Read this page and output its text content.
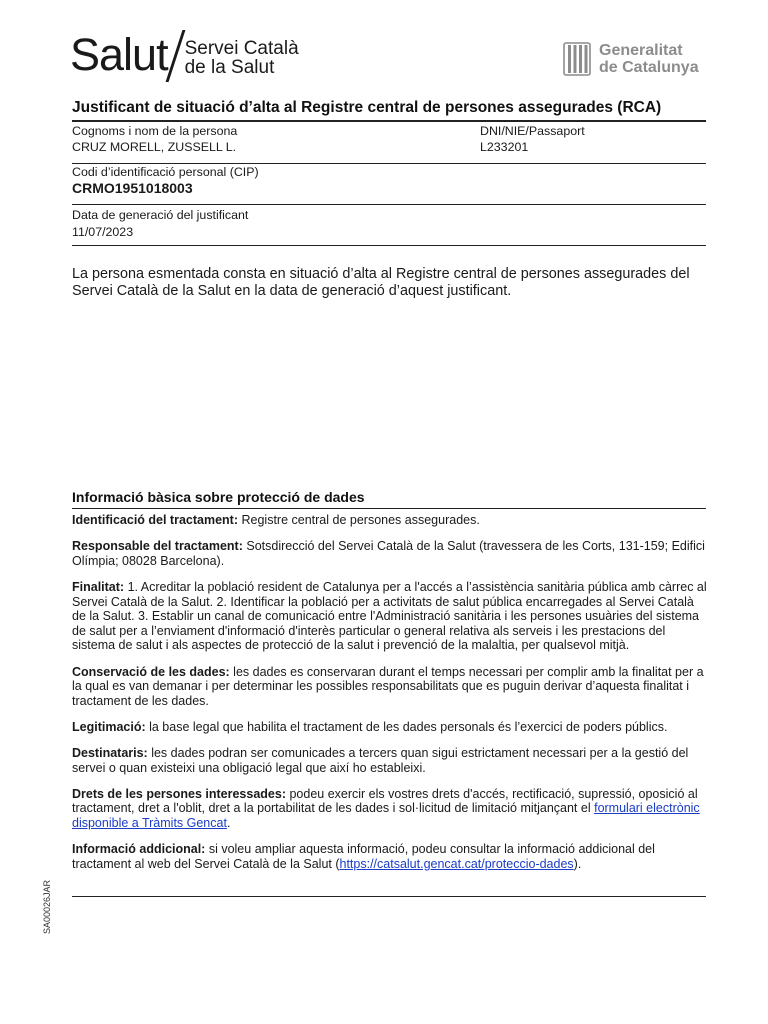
Salut Servei Català
de la Salut
Generalitat
de Catalunya
Justificant de situació d’alta al Registre central de persones assegurades (RCA)
Cognoms i nom de la persona	DNI/NIE/Passaport
CRUZ MORELL, ZUSSELL L.	L233201
Codi d’identificació personal (CIP)
CRMO1951018003
Data de generació del justificant
11/07/2023
La persona esmentada consta en situació d’alta al Registre central de persones assegurades del Servei Català de la Salut en la data de generació d’aquest justificant.
Informació bàsica sobre protecció de dades

Identificació del tractament: Registre central de persones assegurades.

Responsable del tractament: Sotsdirecció del Servei Català de la Salut (travessera de les Corts, 131-159; Edifici Olímpia; 08028 Barcelona).

Finalitat: 1. Acreditar la població resident de Catalunya per a l'accés a l’assistència sanitària pública amb càrrec al Servei Català de la Salut. 2. Identificar la població per a activitats de salut pública encarregades al Servei Català de la Salut. 3. Establir un canal de comunicació entre l'Administració sanitària i les persones usuàries del sistema de salut per a l’enviament d'informació d'interès particular o general relativa als serveis i les prestacions del sistema de salut i als aspectes de protecció de la salut i prevenció de la malaltia, per qualsevol mitjà.

Conservació de les dades: les dades es conservaran durant el temps necessari per complir amb la finalitat per a la qual es van demanar i per determinar les possibles responsabilitats que es puguin derivar d’aquesta finalitat i tractament de les dades.

Legitimació: la base legal que habilita el tractament de les dades personals és l’exercici de poders públics.

Destinataris: les dades podran ser comunicades a tercers quan sigui estrictament necessari per a la gestió del servei o quan existeixi una obligació legal que així ho estableixi.

Drets de les persones interessades: podeu exercir els vostres drets d'accés, rectificació, supressió, oposició al tractament, dret a l'oblit, dret a la portabilitat de les dades i sol·licitud de limitació mitjançant el formulari electrònic disponible a Tràmits Gencat.

Informació addicional: si voleu ampliar aquesta informació, podeu consultar la informació addicional del tractament al web del Servei Català de la Salut (https://catsalut.gencat.cat/proteccio-dades).

SA00026JAR
